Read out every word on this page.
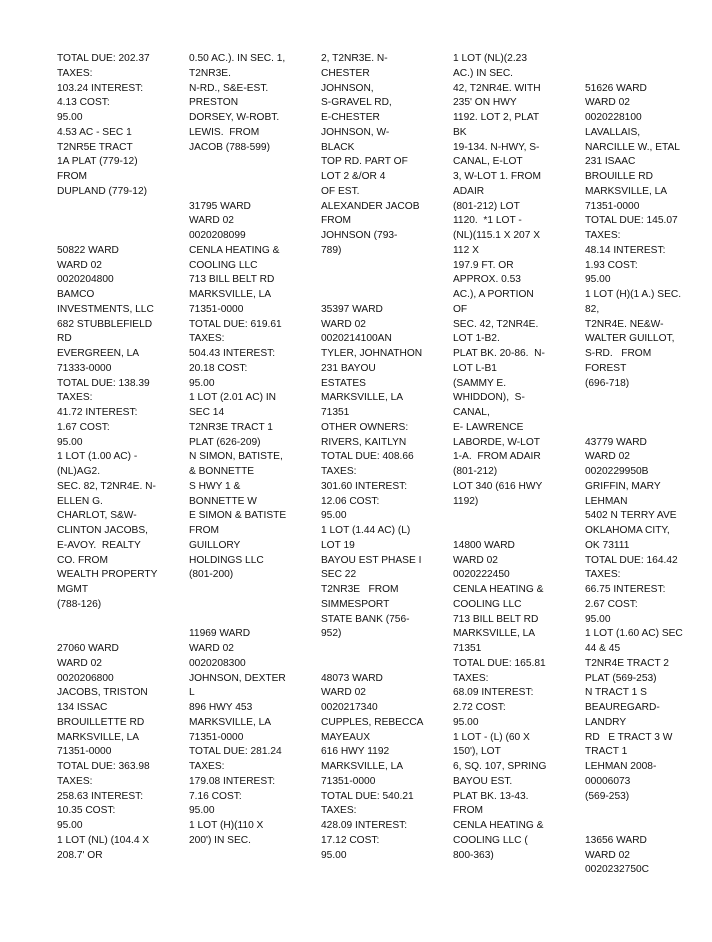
TOTAL DUE: 202.37
TAXES:
103.24 INTEREST:
4.13 COST:
95.00
4.53 AC - SEC 1
T2NR5E TRACT
1A PLAT (779-12)
FROM
DUPLAND (779-12)
50822 WARD
WARD 02
0020204800
BAMCO
INVESTMENTS, LLC
682 STUBBLEFIELD
RD
EVERGREEN, LA
71333-0000
TOTAL DUE: 138.39
TAXES:
41.72 INTEREST:
1.67 COST:
95.00
1 LOT (1.00 AC) -
(NL)AG2.
SEC. 82, T2NR4E. N-
ELLEN G.
CHARLOT, S&W-
CLINTON JACOBS,
E-AVOY.  REALTY
CO. FROM
WEALTH PROPERTY
MGMT
(788-126)
27060 WARD
WARD 02
0020206800
JACOBS, TRISTON
134 ISSAC
BROUILLETTE RD
MARKSVILLE, LA
71351-0000
TOTAL DUE: 363.98
TAXES:
258.63 INTEREST:
10.35 COST:
95.00
1 LOT (NL) (104.4 X
208.7' OR
0.50 AC.). IN SEC. 1,
T2NR3E.
N-RD., S&E-EST.
PRESTON
DORSEY, W-ROBT.
LEWIS.  FROM
JACOB (788-599)
31795 WARD
WARD 02
0020208099
CENLA HEATING &
COOLING LLC
713 BILL BELT RD
MARKSVILLE, LA
71351-0000
TOTAL DUE: 619.61
TAXES:
504.43 INTEREST:
20.18 COST:
95.00
1 LOT (2.01 AC) IN
SEC 14
T2NR3E TRACT 1
PLAT (626-209)
N SIMON, BATISTE,
& BONNETTE
S HWY 1 &
BONNETTE W
E SIMON & BATISTE
FROM
GUILLORY
HOLDINGS LLC
(801-200)
11969 WARD
WARD 02
0020208300
JOHNSON, DEXTER
L
896 HWY 453
MARKSVILLE, LA
71351-0000
TOTAL DUE: 281.24
TAXES:
179.08 INTEREST:
7.16 COST:
95.00
1 LOT (H)(110 X
200') IN SEC.
2, T2NR3E. N-
CHESTER
JOHNSON,
S-GRAVEL RD,
E-CHESTER
JOHNSON, W-
BLACK
TOP RD. PART OF
LOT 2 &/OR 4
OF EST.
ALEXANDER JACOB
FROM
JOHNSON (793-
789)
35397 WARD
WARD 02
0020214100AN
TYLER, JOHNATHON
231 BAYOU
ESTATES
MARKSVILLE, LA
71351
OTHER OWNERS:
RIVERS, KAITLYN
TOTAL DUE: 408.66
TAXES:
301.60 INTEREST:
12.06 COST:
95.00
1 LOT (1.44 AC) (L)
LOT 19
BAYOU EST PHASE I
SEC 22
T2NR3E   FROM
SIMMESPORT
STATE BANK (756-
952)
48073 WARD
WARD 02
0020217340
CUPPLES, REBECCA
MAYEAUX
616 HWY 1192
MARKSVILLE, LA
71351-0000
TOTAL DUE: 540.21
TAXES:
428.09 INTEREST:
17.12 COST:
95.00
1 LOT (NL)(2.23
AC.) IN SEC.
42, T2NR4E. WITH
235' ON HWY
1192. LOT 2, PLAT
BK
19-134. N-HWY, S-
CANAL, E-LOT
3, W-LOT 1. FROM
ADAIR
(801-212) LOT
1120.  *1 LOT -
(NL)(115.1 X 207 X
112 X
197.9 FT. OR
APPROX. 0.53
AC.), A PORTION
OF
SEC. 42, T2NR4E.
LOT 1-B2.
PLAT BK. 20-86.  N-
LOT L-B1
(SAMMY E.
WHIDDON),  S-
CANAL,
E- LAWRENCE
LABORDE, W-LOT
1-A.  FROM ADAIR
(801-212)
LOT 340 (616 HWY
1192)
14800 WARD
WARD 02
0020222450
CENLA HEATING &
COOLING LLC
713 BILL BELT RD
MARKSVILLE, LA
71351
TOTAL DUE: 165.81
TAXES:
68.09 INTEREST:
2.72 COST:
95.00
1 LOT - (L) (60 X
150'), LOT
6, SQ. 107, SPRING
BAYOU EST.
PLAT BK. 13-43.
FROM
CENLA HEATING &
COOLING LLC (
800-363)
51626 WARD
WARD 02
0020228100
LAVALLAIS,
NARCILLE W., ETAL
231 ISAAC
BROUILLE RD
MARKSVILLE, LA
71351-0000
TOTAL DUE: 145.07
TAXES:
48.14 INTEREST:
1.93 COST:
95.00
1 LOT (H)(1 A.) SEC.
82,
T2NR4E. NE&W-
WALTER GUILLOT,
S-RD.   FROM
FOREST
(696-718)
43779 WARD
WARD 02
0020229950B
GRIFFIN, MARY
LEHMAN
5402 N TERRY AVE
OKLAHOMA CITY,
OK 73111
TOTAL DUE: 164.42
TAXES:
66.75 INTEREST:
2.67 COST:
95.00
1 LOT (1.60 AC) SEC
44 & 45
T2NR4E TRACT 2
PLAT (569-253)
N TRACT 1 S
BEAUREGARD-
LANDRY
RD   E TRACT 3 W
TRACT 1
LEHMAN 2008-
00006073
(569-253)
13656 WARD
WARD 02
0020232750C
